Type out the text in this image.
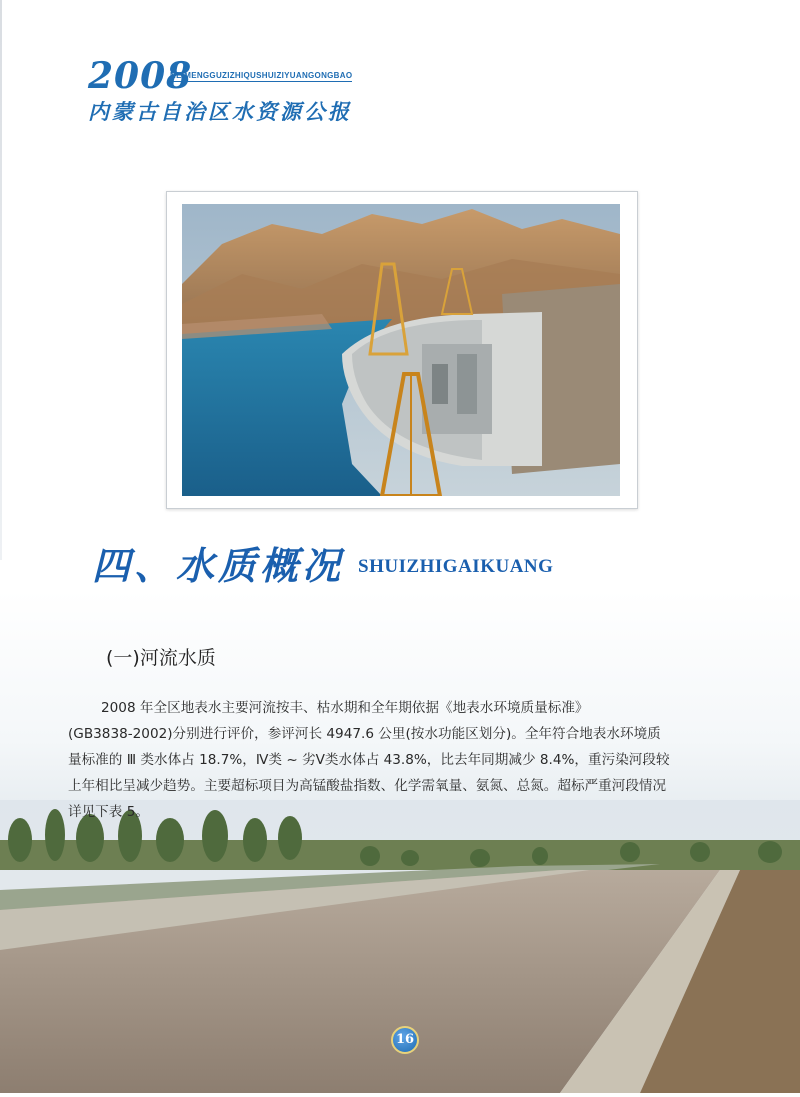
2008
NEIMENGGUZIZHIQUSHUIZIYUANGONGBAO
内蒙古自治区水资源公报
四、水质概况 SHUIZHIGAIKUANG
(一)河流水质
2008 年全区地表水主要河流按丰、枯水期和全年期依据《地表水环境质量标准》
(GB3838-2002)分别进行评价，参评河长 4947.6 公里(按水功能区划分)。全年符合地表水环境质
量标准的 Ⅲ 类水体占 18.7%，Ⅳ类 ~ 劣Ⅴ类水体占 43.8%，比去年同期减少 8.4%，重污染河段较
上年相比呈减少趋势。主要超标项目为高锰酸盐指数、化学需氧量、氨氮、总氮。超标严重河段情况
详见下表 5。
16
